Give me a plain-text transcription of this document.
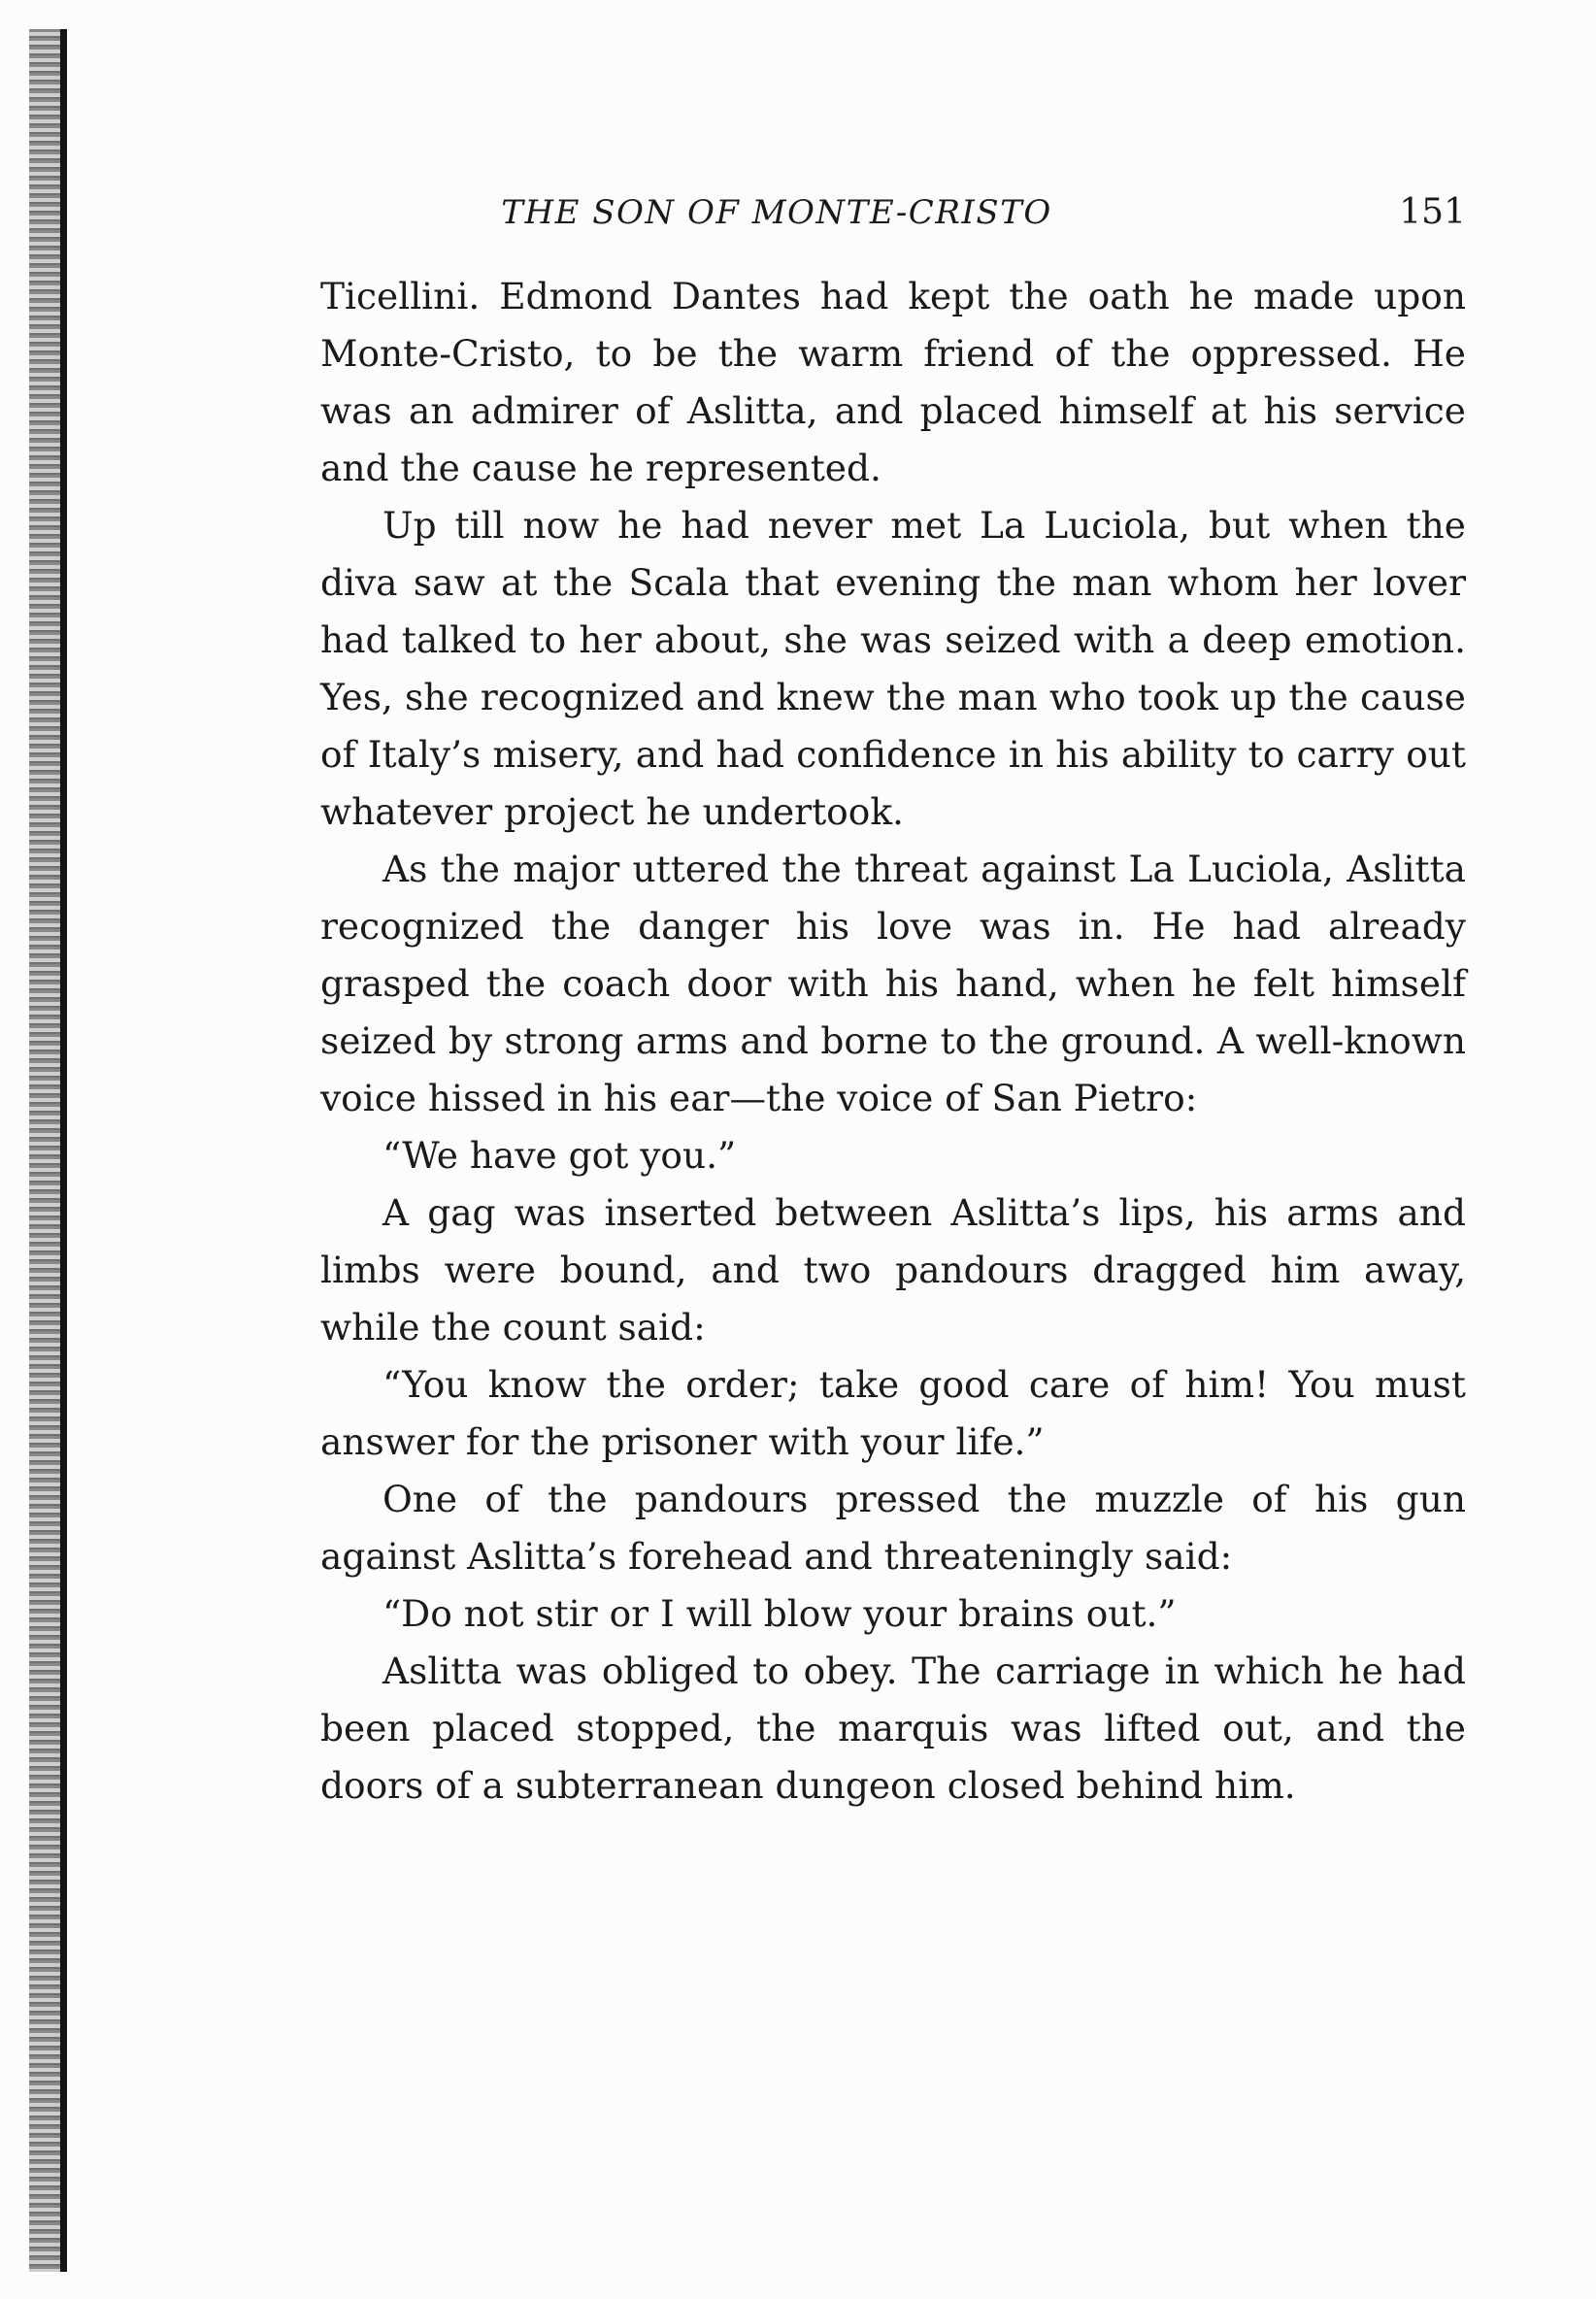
THE SON OF MONTE-CRISTO	151

Ticellini. Edmond Dantes had kept the oath he made upon Monte-Cristo, to be the warm friend of the oppressed. He was an admirer of Aslitta, and placed himself at his service and the cause he represented.

Up till now he had never met La Luciola, but when the diva saw at the Scala that evening the man whom her lover had talked to her about, she was seized with a deep emotion. Yes, she recognized and knew the man who took up the cause of Italy’s misery, and had confidence in his ability to carry out whatever project he undertook.

As the major uttered the threat against La Luciola, Aslitta recognized the danger his love was in. He had already grasped the coach door with his hand, when he felt himself seized by strong arms and borne to the ground. A well-known voice hissed in his ear—the voice of San Pietro:

“We have got you.”

A gag was inserted between Aslitta’s lips, his arms and limbs were bound, and two pandours dragged him away, while the count said:

“You know the order; take good care of him! You must answer for the prisoner with your life.”

One of the pandours pressed the muzzle of his gun against Aslitta’s forehead and threateningly said:

“Do not stir or I will blow your brains out.”

Aslitta was obliged to obey. The carriage in which he had been placed stopped, the marquis was lifted out, and the doors of a subterranean dungeon closed behind him.
